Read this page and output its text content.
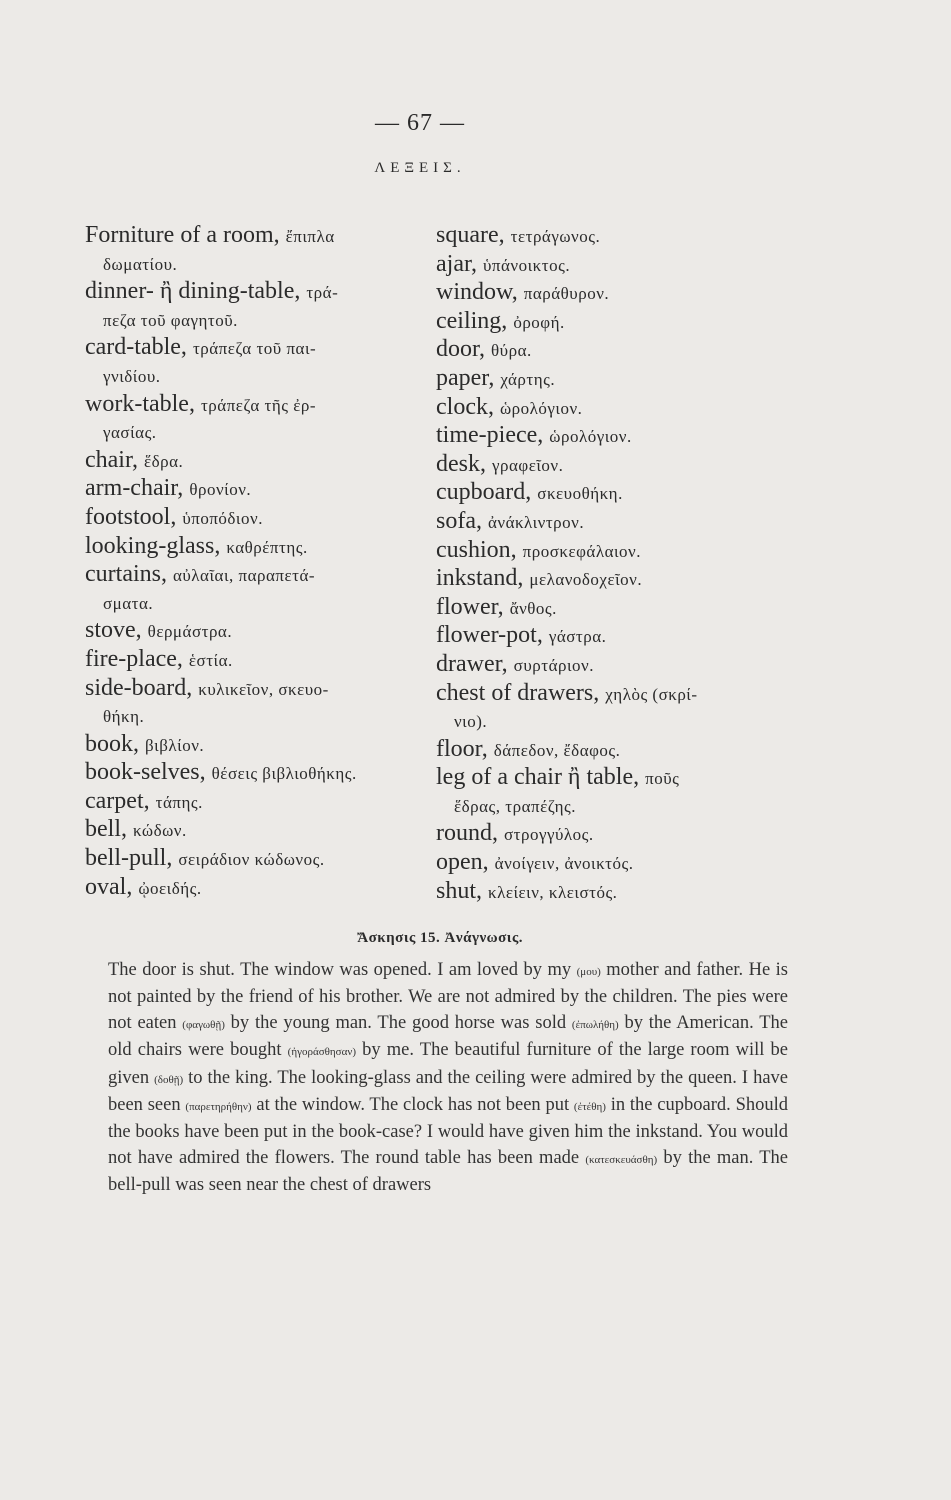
— 67 —
ΛΕΞΕΙΣ.
Forniture of a room, ἔπιπλα
δωματίου.
dinner- ἢ dining-table, τρά-
πεζα τοῦ φαγητοῦ.
card-table, τράπεζα τοῦ παι-
γνιδίου.
work-table, τράπεζα τῆς ἐρ-
γασίας.
chair, ἕδρα.
arm-chair, θρονίον.
footstool, ὑποπόδιον.
looking-glass, καθρέπτης.
curtains, αὐλαῖαι, παραπετά-
σματα.
stove, θερμάστρα.
fire-place, ἑστία.
side-board, κυλικεῖον, σκευο-
θήκη.
book, βιβλίον.
book-selves, θέσεις βιβλιοθήκης.
carpet, τάπης.
bell, κώδων.
bell-pull, σειράδιον κώδωνος.
oval, ᾠοειδής.
square, τετράγωνος.
ajar, ὑπάνοικτος.
window, παράθυρον.
ceiling, ὀροφή.
door, θύρα.
paper, χάρτης.
clock, ὡρολόγιον.
time-piece, ὡρολόγιον.
desk, γραφεῖον.
cupboard, σκευοθήκη.
sofa, ἀνάκλιντρον.
cushion, προσκεφάλαιον.
inkstand, μελανοδοχεῖον.
flower, ἄνθος.
flower-pot, γάστρα.
drawer, συρτάριον.
chest of drawers, χηλὸς (σκρί-
νιο).
floor, δάπεδον, ἔδαφος.
leg of a chair ἢ table, ποῦς
ἕδρας, τραπέζης.
round, στρογγύλος.
open, ἀνοίγειν, ἀνοικτός.
shut, κλείειν, κλειστός.
Ἄσκησις 15. Ἀνάγνωσις.
The door is shut. The window was opened. I am loved by my (μου) mother and father. He is not painted by the friend of his brother. We are not admired by the children. The pies were not eaten (φαγωθῇ) by the young man. The good horse was sold (ἐπωλήθη) by the American. The old chairs were bought (ἠγοράσθησαν) by me. The beautiful furniture of the large room will be given (δοθῇ) to the king. The looking-glass and the ceiling were admired by the queen. I have been seen (παρετηρήθην) at the window. The clock has not been put (ἐτέθη) in the cupboard. Should the books have been put in the book-case? I would have given him the inkstand. You would not have admired the flowers. The round table has been made (κατεσκευάσθη) by the man. The bell-pull was seen near the chest of drawers
